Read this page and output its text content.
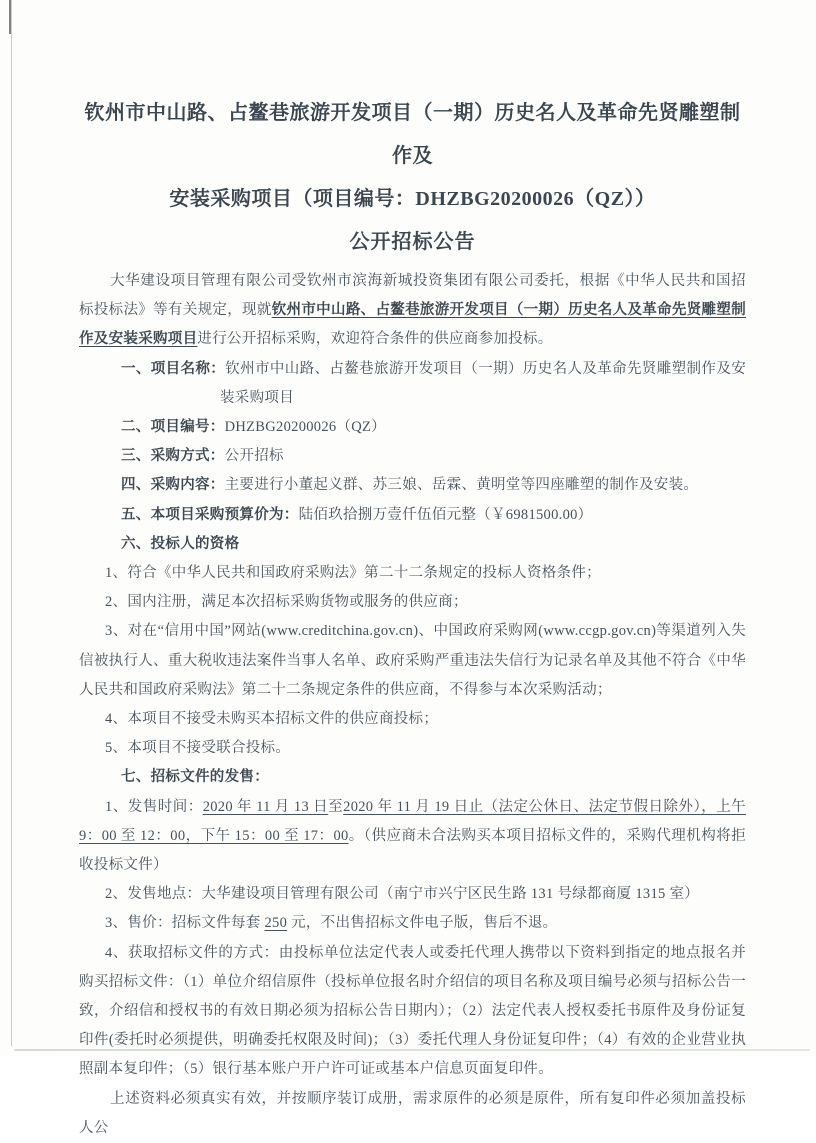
钦州市中山路、占鳌巷旅游开发项目（一期）历史名人及革命先贤雕塑制作及

安装采购项目（项目编号：DHZBG20200026（QZ））

公开招标公告

大华建设项目管理有限公司受钦州市滨海新城投资集团有限公司委托，根据《中华人民共和国招标投标法》等有关规定，现就钦州市中山路、占鳌巷旅游开发项目（一期）历史名人及革命先贤雕塑制作及安装采购项目进行公开招标采购，欢迎符合条件的供应商参加投标。

一、项目名称：钦州市中山路、占鳌巷旅游开发项目（一期）历史名人及革命先贤雕塑制作及安装采购项目

二、项目编号：DHZBG20200026（QZ）

三、采购方式：公开招标

四、采购内容：主要进行小董起义群、苏三娘、岳霖、黄明堂等四座雕塑的制作及安装。

五、本项目采购预算价为：陆佰玖拾捌万壹仟伍佰元整（￥6981500.00）

六、投标人的资格

1、符合《中华人民共和国政府采购法》第二十二条规定的投标人资格条件；

2、国内注册，满足本次招标采购货物或服务的供应商；

3、对在“信用中国”网站(www.creditchina.gov.cn)、中国政府采购网(www.ccgp.gov.cn)等渠道列入失信被执行人、重大税收违法案件当事人名单、政府采购严重违法失信行为记录名单及其他不符合《中华人民共和国政府采购法》第二十二条规定条件的供应商，不得参与本次采购活动；

4、本项目不接受未购买本招标文件的供应商投标；

5、本项目不接受联合投标。

七、招标文件的发售：

1、发售时间：2020 年 11 月 13 日至2020 年 11 月 19 日止（法定公休日、法定节假日除外），上午 9：00 至 12：00，下午 15：00 至 17：00。（供应商未合法购买本项目招标文件的，采购代理机构将拒收投标文件）

2、发售地点：大华建设项目管理有限公司（南宁市兴宁区民生路 131 号绿都商厦 1315 室）

3、售价：招标文件每套 250 元，不出售招标文件电子版，售后不退。

4、获取招标文件的方式：由投标单位法定代表人或委托代理人携带以下资料到指定的地点报名并购买招标文件：（1）单位介绍信原件（投标单位报名时介绍信的项目名称及项目编号必须与招标公告一致，介绍信和授权书的有效日期必须为招标公告日期内）；（2）法定代表人授权委托书原件及身份证复印件(委托时必须提供，明确委托权限及时间)；（3）委托代理人身份证复印件；（4）有效的企业营业执照副本复印件；（5）银行基本账户开户许可证或基本户信息页面复印件。

上述资料必须真实有效，并按顺序装订成册，需求原件的必须是原件，所有复印件必须加盖投标人公
